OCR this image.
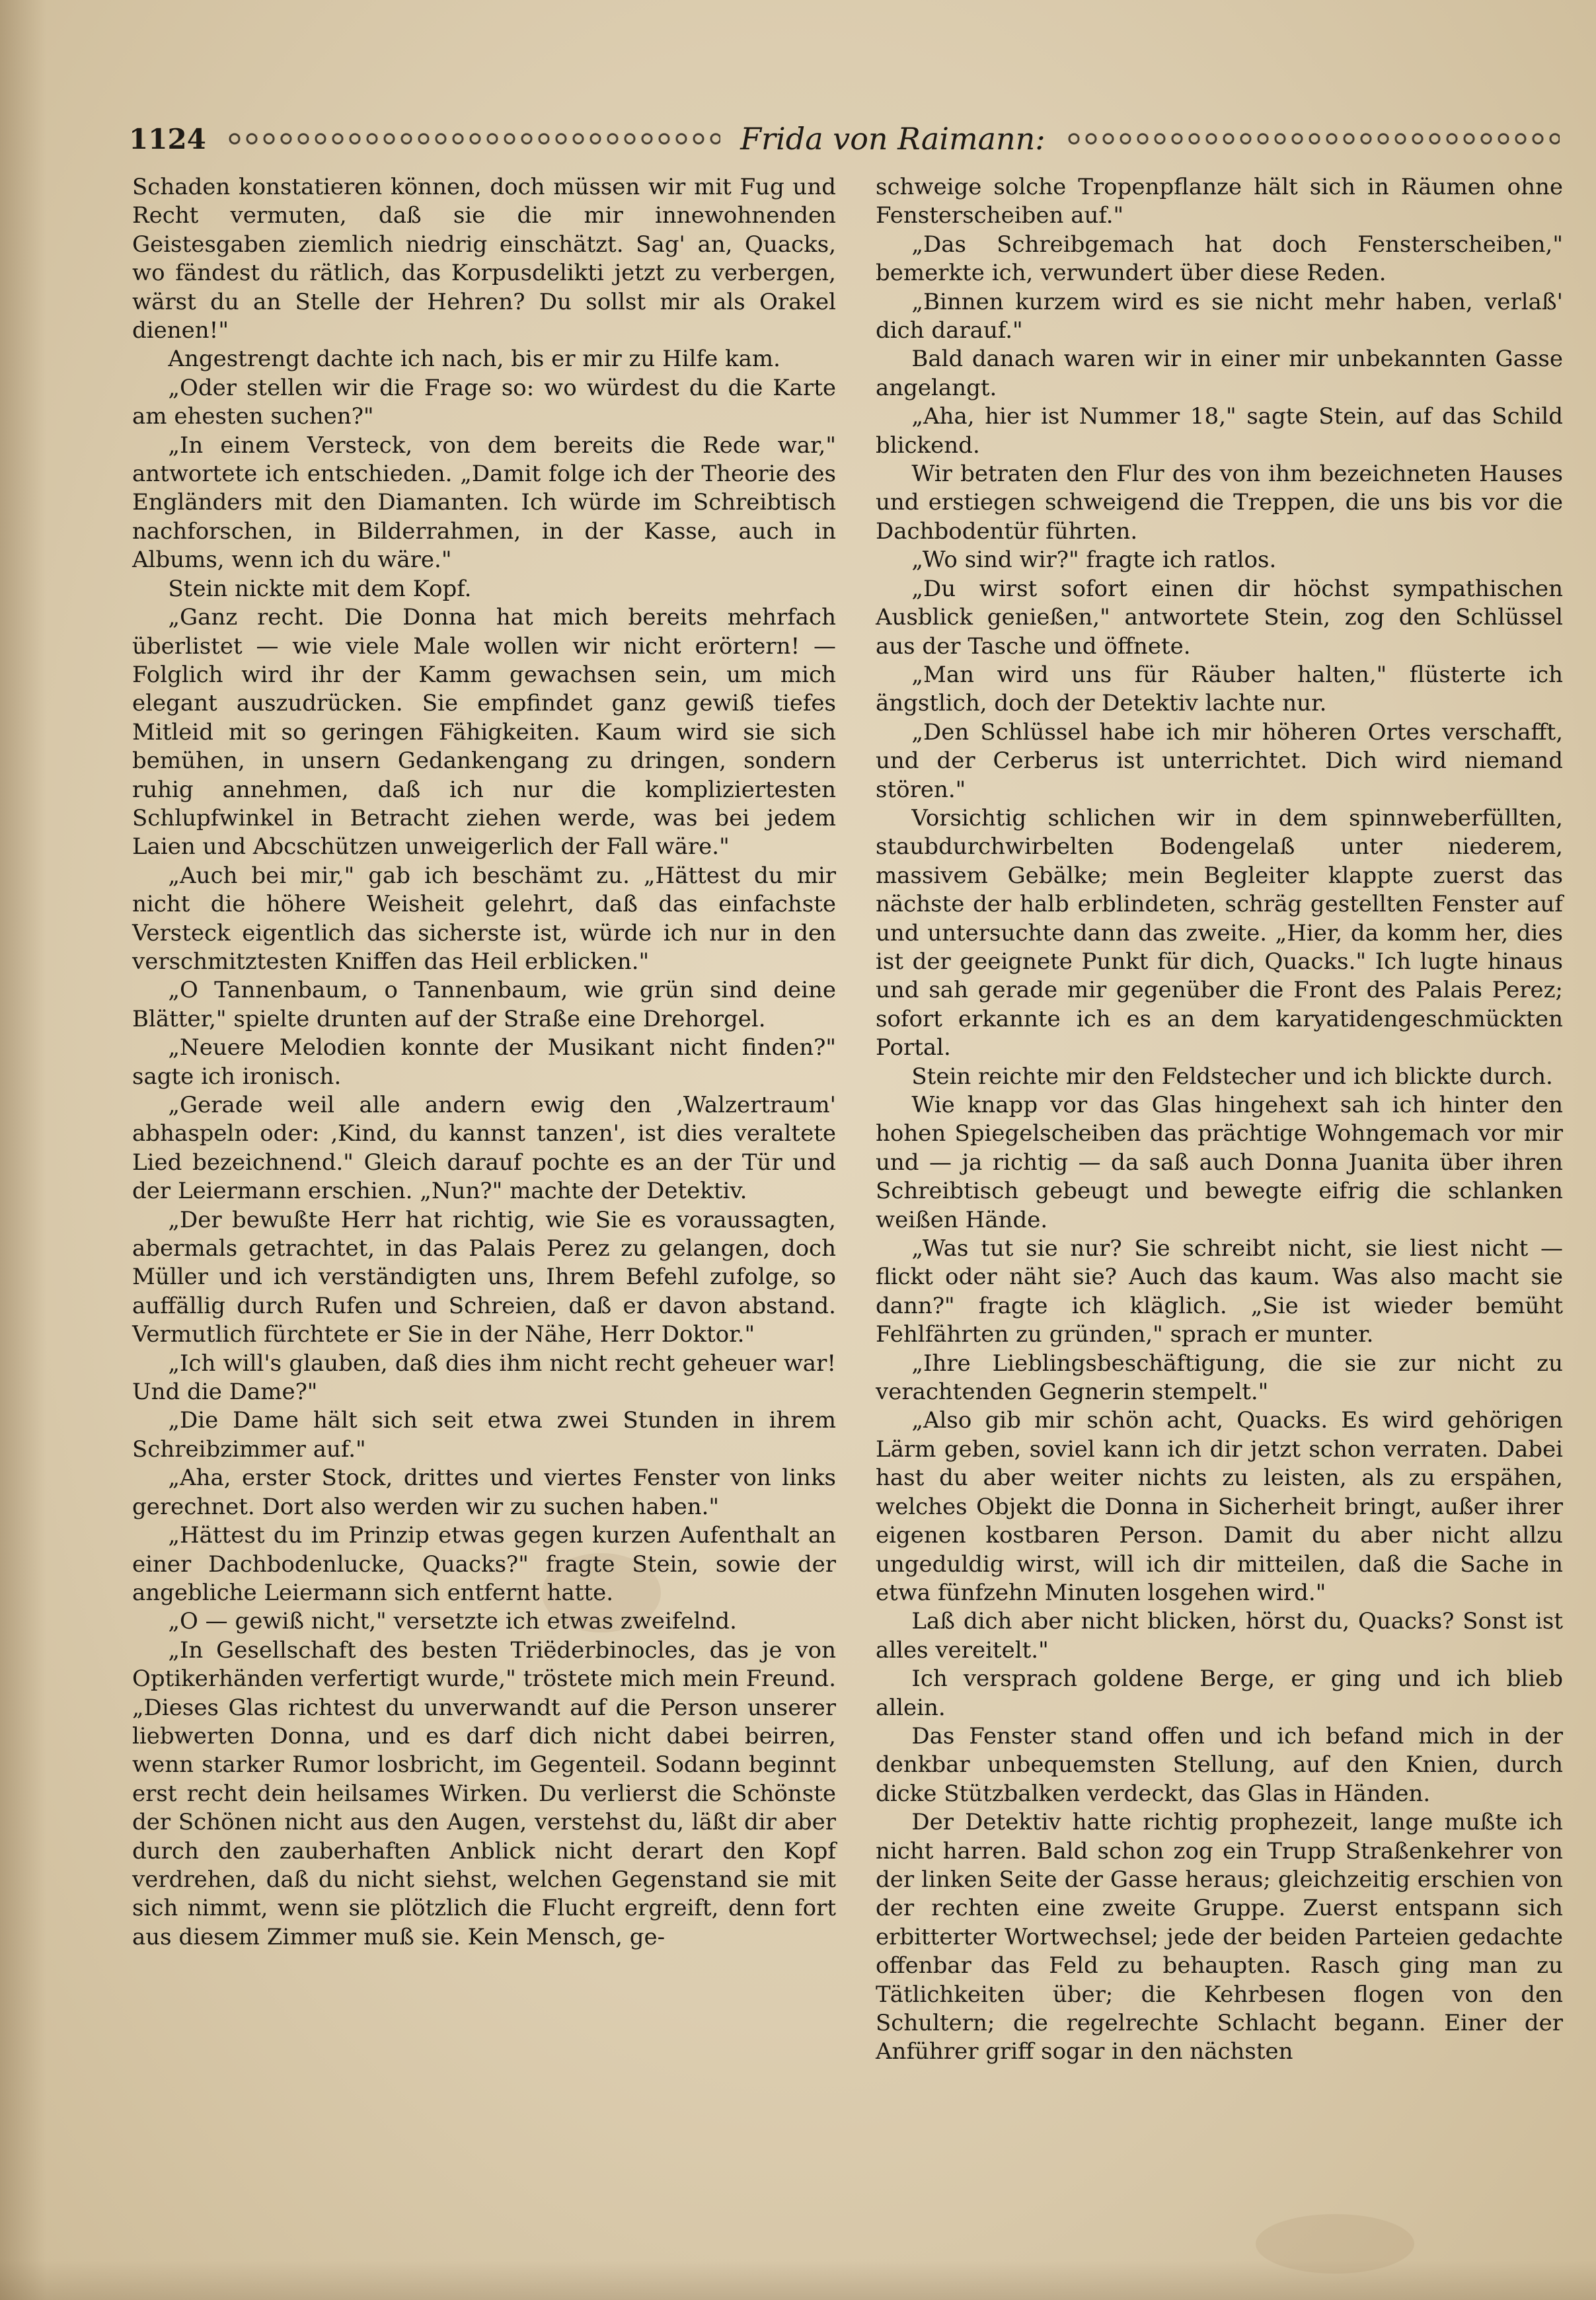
1124	Frida von Raimann:

Schaden konstatieren können, doch müssen wir mit Fug und Recht vermuten, daß sie die mir innewohnenden Geistesgaben ziemlich niedrig einschätzt. Sag' an, Quacks, wo fändest du rätlich, das Korpusdelikti jetzt zu verbergen, wärst du an Stelle der Hehren? Du sollst mir als Orakel dienen!"

Angestrengt dachte ich nach, bis er mir zu Hilfe kam.

„Oder stellen wir die Frage so: wo würdest du die Karte am ehesten suchen?"

„In einem Versteck, von dem bereits die Rede war," antwortete ich entschieden. „Damit folge ich der Theorie des Engländers mit den Diamanten. Ich würde im Schreibtisch nachforschen, in Bilderrahmen, in der Kasse, auch in Albums, wenn ich du wäre."

Stein nickte mit dem Kopf.

„Ganz recht. Die Donna hat mich bereits mehrfach überlistet — wie viele Male wollen wir nicht erörtern! — Folglich wird ihr der Kamm gewachsen sein, um mich elegant auszudrücken. Sie empfindet ganz gewiß tiefes Mitleid mit so geringen Fähigkeiten. Kaum wird sie sich bemühen, in unsern Gedankengang zu dringen, sondern ruhig annehmen, daß ich nur die kompliziertesten Schlupfwinkel in Betracht ziehen werde, was bei jedem Laien und Abcschützen unweigerlich der Fall wäre."

„Auch bei mir," gab ich beschämt zu. „Hättest du mir nicht die höhere Weisheit gelehrt, daß das einfachste Versteck eigentlich das sicherste ist, würde ich nur in den verschmitztesten Kniffen das Heil erblicken."

„O Tannenbaum, o Tannenbaum, wie grün sind deine Blätter," spielte drunten auf der Straße eine Drehorgel.

„Neuere Melodien konnte der Musikant nicht finden?" sagte ich ironisch.

„Gerade weil alle andern ewig den ‚Walzertraum' abhaspeln oder: ‚Kind, du kannst tanzen', ist dies veraltete Lied bezeichnend." Gleich darauf pochte es an der Tür und der Leiermann erschien. „Nun?" machte der Detektiv.

„Der bewußte Herr hat richtig, wie Sie es voraussagten, abermals getrachtet, in das Palais Perez zu gelangen, doch Müller und ich verständigten uns, Ihrem Befehl zufolge, so auffällig durch Rufen und Schreien, daß er davon abstand. Vermutlich fürchtete er Sie in der Nähe, Herr Doktor."

„Ich will's glauben, daß dies ihm nicht recht geheuer war! Und die Dame?"

„Die Dame hält sich seit etwa zwei Stunden in ihrem Schreibzimmer auf."

„Aha, erster Stock, drittes und viertes Fenster von links gerechnet. Dort also werden wir zu suchen haben."

„Hättest du im Prinzip etwas gegen kurzen Aufenthalt an einer Dachbodenlucke, Quacks?" fragte Stein, sowie der angebliche Leiermann sich entfernt hatte.

„O — gewiß nicht," versetzte ich etwas zweifelnd.

„In Gesellschaft des besten Triëderbinocles, das je von Optikerhänden verfertigt wurde," tröstete mich mein Freund. „Dieses Glas richtest du unverwandt auf die Person unserer liebwerten Donna, und es darf dich nicht dabei beirren, wenn starker Rumor losbricht, im Gegenteil. Sodann beginnt erst recht dein heilsames Wirken. Du verlierst die Schönste der Schönen nicht aus den Augen, verstehst du, läßt dir aber durch den zauberhaften Anblick nicht derart den Kopf verdrehen, daß du nicht siehst, welchen Gegenstand sie mit sich nimmt, wenn sie plötzlich die Flucht ergreift, denn fort aus diesem Zimmer muß sie. Kein Mensch, ge-

schweige solche Tropenpflanze hält sich in Räumen ohne Fensterscheiben auf."

„Das Schreibgemach hat doch Fensterscheiben," bemerkte ich, verwundert über diese Reden.

„Binnen kurzem wird es sie nicht mehr haben, verlaß' dich darauf."

Bald danach waren wir in einer mir unbekannten Gasse angelangt.

„Aha, hier ist Nummer 18," sagte Stein, auf das Schild blickend.

Wir betraten den Flur des von ihm bezeichneten Hauses und erstiegen schweigend die Treppen, die uns bis vor die Dachbodentür führten.

„Wo sind wir?" fragte ich ratlos.

„Du wirst sofort einen dir höchst sympathischen Ausblick genießen," antwortete Stein, zog den Schlüssel aus der Tasche und öffnete.

„Man wird uns für Räuber halten," flüsterte ich ängstlich, doch der Detektiv lachte nur.

„Den Schlüssel habe ich mir höheren Ortes verschafft, und der Cerberus ist unterrichtet. Dich wird niemand stören."

Vorsichtig schlichen wir in dem spinnweberfüllten, staubdurchwirbelten Bodengelaß unter niederem, massivem Gebälke; mein Begleiter klappte zuerst das nächste der halb erblindeten, schräg gestellten Fenster auf und untersuchte dann das zweite. „Hier, da komm her, dies ist der geeignete Punkt für dich, Quacks." Ich lugte hinaus und sah gerade mir gegenüber die Front des Palais Perez; sofort erkannte ich es an dem karyatidengeschmückten Portal.

Stein reichte mir den Feldstecher und ich blickte durch.

Wie knapp vor das Glas hingehext sah ich hinter den hohen Spiegelscheiben das prächtige Wohngemach vor mir und — ja richtig — da saß auch Donna Juanita über ihren Schreibtisch gebeugt und bewegte eifrig die schlanken weißen Hände.

„Was tut sie nur? Sie schreibt nicht, sie liest nicht — flickt oder näht sie? Auch das kaum. Was also macht sie dann?" fragte ich kläglich. „Sie ist wieder bemüht Fehlfährten zu gründen," sprach er munter.

„Ihre Lieblingsbeschäftigung, die sie zur nicht zu verachtenden Gegnerin stempelt."

„Also gib mir schön acht, Quacks. Es wird gehörigen Lärm geben, soviel kann ich dir jetzt schon verraten. Dabei hast du aber weiter nichts zu leisten, als zu erspähen, welches Objekt die Donna in Sicherheit bringt, außer ihrer eigenen kostbaren Person. Damit du aber nicht allzu ungeduldig wirst, will ich dir mitteilen, daß die Sache in etwa fünfzehn Minuten losgehen wird."

Laß dich aber nicht blicken, hörst du, Quacks? Sonst ist alles vereitelt."

Ich versprach goldene Berge, er ging und ich blieb allein.

Das Fenster stand offen und ich befand mich in der denkbar unbequemsten Stellung, auf den Knien, durch dicke Stützbalken verdeckt, das Glas in Händen.

Der Detektiv hatte richtig prophezeit, lange mußte ich nicht harren. Bald schon zog ein Trupp Straßenkehrer von der linken Seite der Gasse heraus; gleichzeitig erschien von der rechten eine zweite Gruppe. Zuerst entspann sich erbitterter Wortwechsel; jede der beiden Parteien gedachte offenbar das Feld zu behaupten. Rasch ging man zu Tätlichkeiten über; die Kehrbesen flogen von den Schultern; die regelrechte Schlacht begann. Einer der Anführer griff sogar in den nächsten
